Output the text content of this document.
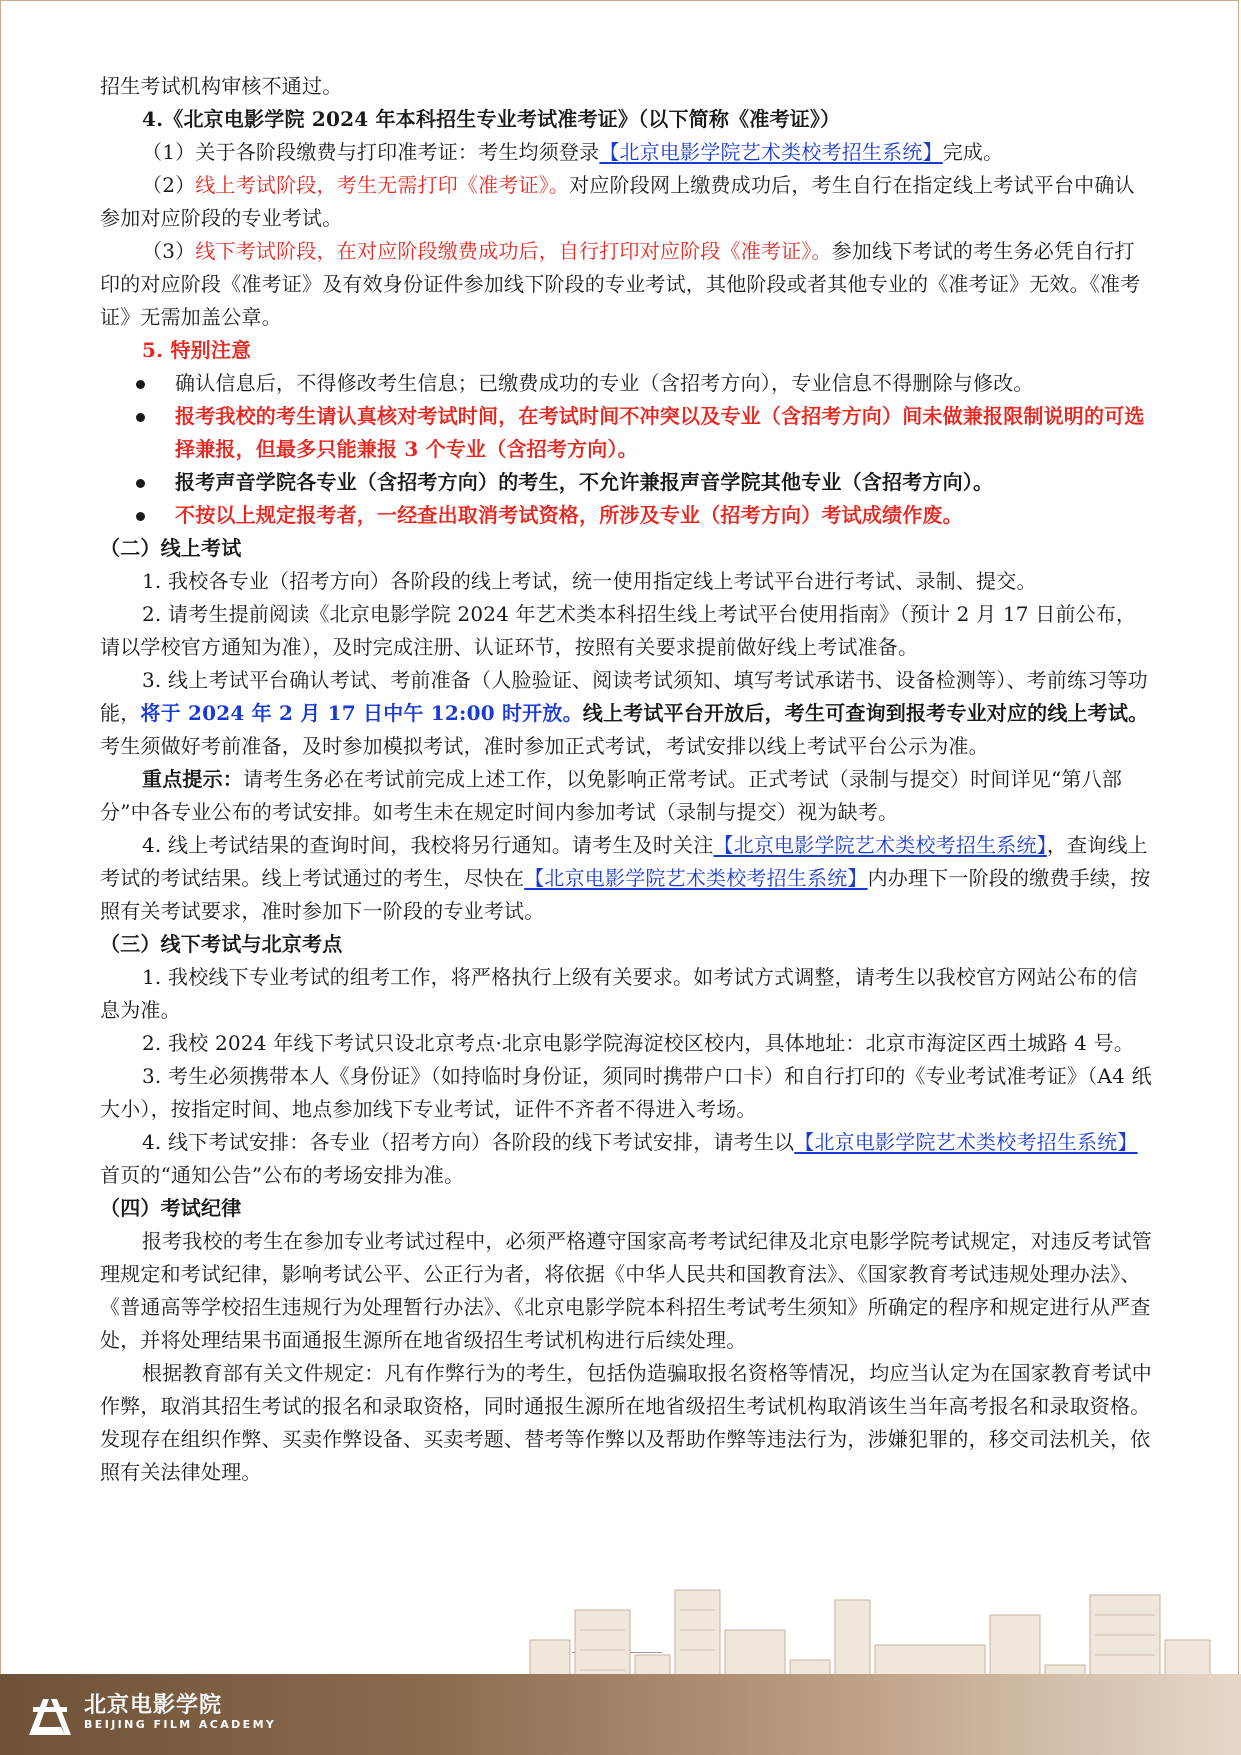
招生考试机构审核不通过。

4.《北京电影学院 2024 年本科招生专业考试准考证》（以下简称《准考证》）

（1）关于各阶段缴费与打印准考证：考生均须登录【北京电影学院艺术类校考招生系统】完成。

（2）线上考试阶段，考生无需打印《准考证》。对应阶段网上缴费成功后，考生自行在指定线上考试平台中确认参加对应阶段的专业考试。

（3）线下考试阶段，在对应阶段缴费成功后，自行打印对应阶段《准考证》。参加线下考试的考生务必凭自行打印的对应阶段《准考证》及有效身份证件参加线下阶段的专业考试，其他阶段或者其他专业的《准考证》无效。《准考证》无需加盖公章。

5. 特别注意

确认信息后，不得修改考生信息；已缴费成功的专业（含招考方向），专业信息不得删除与修改。

报考我校的考生请认真核对考试时间，在考试时间不冲突以及专业（含招考方向）间未做兼报限制说明的可选择兼报，但最多只能兼报 3 个专业（含招考方向）。

报考声音学院各专业（含招考方向）的考生，不允许兼报声音学院其他专业（含招考方向）。

不按以上规定报考者，一经查出取消考试资格，所涉及专业（招考方向）考试成绩作废。

（二）线上考试

1. 我校各专业（招考方向）各阶段的线上考试，统一使用指定线上考试平台进行考试、录制、提交。

2. 请考生提前阅读《北京电影学院 2024 年艺术类本科招生线上考试平台使用指南》（预计 2 月 17 日前公布，请以学校官方通知为准），及时完成注册、认证环节，按照有关要求提前做好线上考试准备。

3. 线上考试平台确认考试、考前准备（人脸验证、阅读考试须知、填写考试承诺书、设备检测等）、考前练习等功能，将于 2024 年 2 月 17 日中午 12:00 时开放。线上考试平台开放后，考生可查询到报考专业对应的线上考试。考生须做好考前准备，及时参加模拟考试，准时参加正式考试，考试安排以线上考试平台公示为准。

重点提示：请考生务必在考试前完成上述工作，以免影响正常考试。正式考试（录制与提交）时间详见“第八部分”中各专业公布的考试安排。如考生未在规定时间内参加考试（录制与提交）视为缺考。

4. 线上考试结果的查询时间，我校将另行通知。请考生及时关注【北京电影学院艺术类校考招生系统】，查询线上考试的考试结果。线上考试通过的考生，尽快在【北京电影学院艺术类校考招生系统】内办理下一阶段的缴费手续，按照有关考试要求，准时参加下一阶段的专业考试。

（三）线下考试与北京考点

1. 我校线下专业考试的组考工作，将严格执行上级有关要求。如考试方式调整，请考生以我校官方网站公布的信息为准。

2. 我校 2024 年线下考试只设北京考点·北京电影学院海淀校区校内，具体地址：北京市海淀区西土城路 4 号。

3. 考生必须携带本人《身份证》（如持临时身份证，须同时携带户口卡）和自行打印的《专业考试准考证》（A4 纸大小），按指定时间、地点参加线下专业考试，证件不齐者不得进入考场。

4. 线下考试安排：各专业（招考方向）各阶段的线下考试安排，请考生以【北京电影学院艺术类校考招生系统】首页的“通知公告”公布的考场安排为准。

（四）考试纪律

报考我校的考生在参加专业考试过程中，必须严格遵守国家高考考试纪律及北京电影学院考试规定，对违反考试管理规定和考试纪律，影响考试公平、公正行为者，将依据《中华人民共和国教育法》、《国家教育考试违规处理办法》、《普通高等学校招生违规行为处理暂行办法》、《北京电影学院本科招生考试考生须知》所确定的程序和规定进行从严查处，并将处理结果书面通报生源所在地省级招生考试机构进行后续处理。

根据教育部有关文件规定：凡有作弊行为的考生，包括伪造骗取报名资格等情况，均应当认定为在国家教育考试中作弊，取消其招生考试的报名和录取资格，同时通报生源所在地省级招生考试机构取消该生当年高考报名和录取资格。发现存在组织作弊、买卖作弊设备、买卖考题、替考等作弊以及帮助作弊等违法行为，涉嫌犯罪的，移交司法机关，依照有关法律处理。

北京电影学院
BEIJING FILM ACADEMY
